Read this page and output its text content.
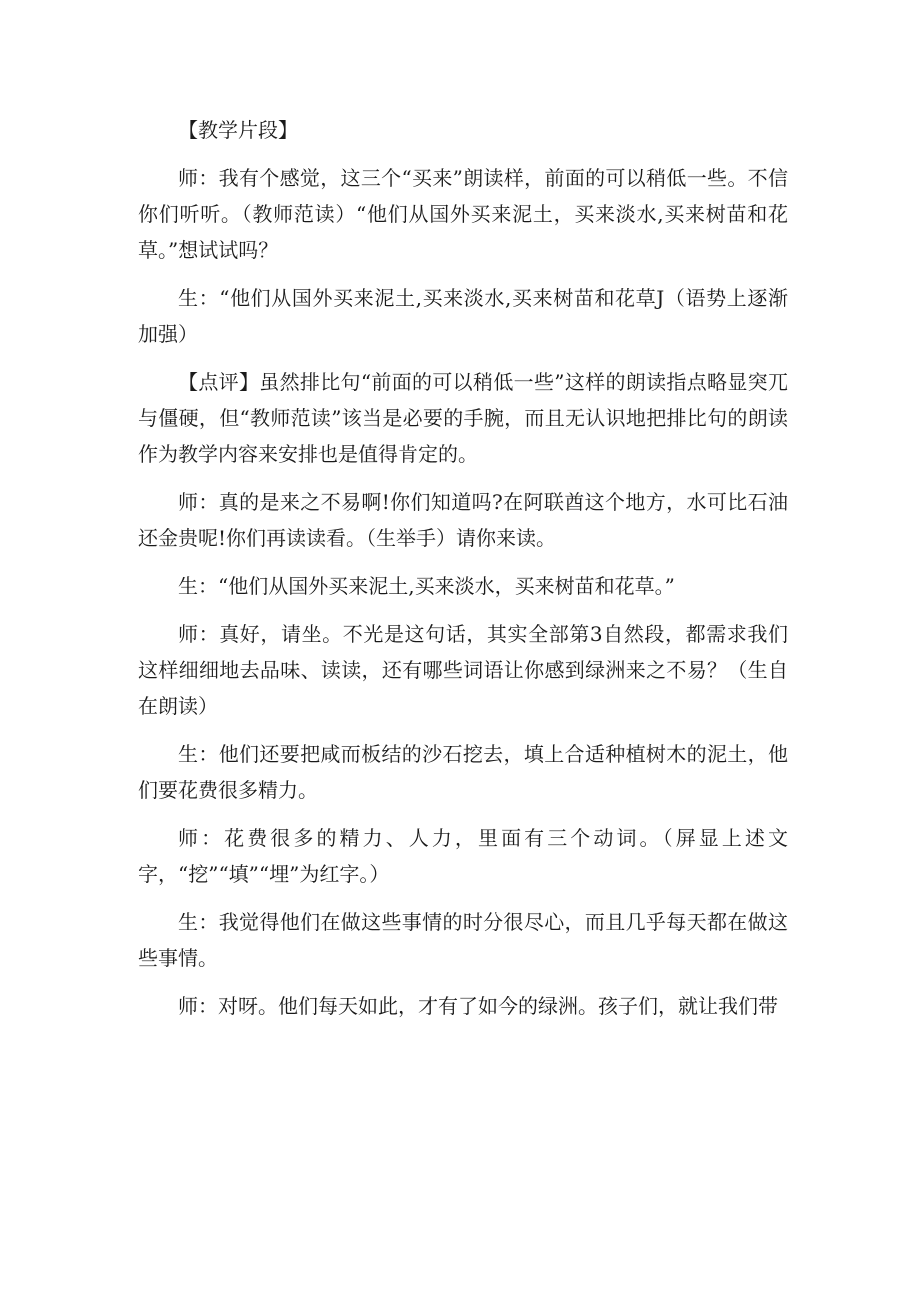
【教学片段】

师：我有个感觉，这三个“买来”朗读样，前面的可以稍低一些。不信你们听听。（教师范读）“他们从国外买来泥土，买来淡水,买来树苗和花草。”想试试吗？

生：“他们从国外买来泥土,买来淡水,买来树苗和花草J（语势上逐渐加强）

【点评】虽然排比句“前面的可以稍低一些”这样的朗读指点略显突兀与僵硬，但“教师范读”该当是必要的手腕，而且无认识地把排比句的朗读作为教学内容来安排也是值得肯定的。

师：真的是来之不易啊!你们知道吗?在阿联酋这个地方，水可比石油还金贵呢!你们再读读看。（生举手）请你来读。

生：“他们从国外买来泥土,买来淡水，买来树苗和花草。”

师：真好，请坐。不光是这句话，其实全部第3自然段，都需求我们这样细细地去品味、读读，还有哪些词语让你感到绿洲来之不易？（生自在朗读）

生：他们还要把咸而板结的沙石挖去，填上合适种植树木的泥土，他们要花费很多精力。

师：花费很多的精力、人力，里面有三个动词。（屏显上述文字，“挖”“填”“埋”为红字。）

生：我觉得他们在做这些事情的时分很尽心，而且几乎每天都在做这些事情。

师：对呀。他们每天如此，才有了如今的绿洲。孩子们，就让我们带
